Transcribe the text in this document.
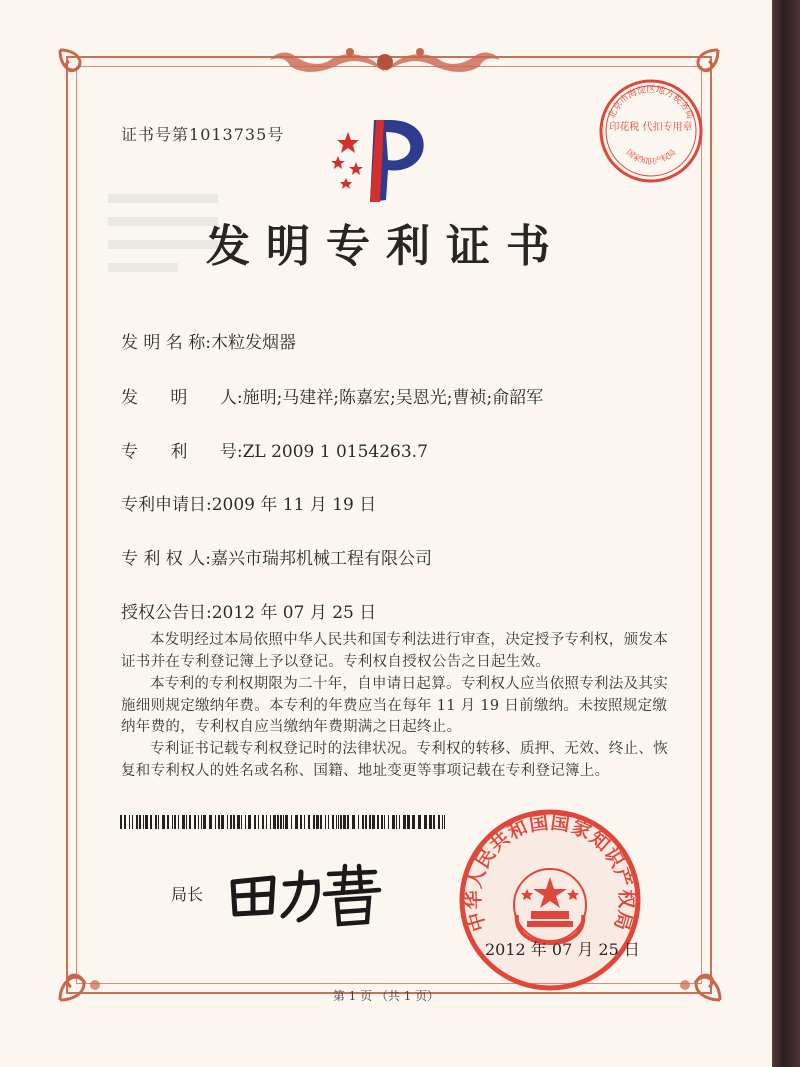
证书号第1013735号
北京市海淀区地方税务局
印花税 代扣专用章
国家知识产权局
发明专利证书
发 明 名 称:木粒发烟器
发      明      人:施明;马建祥;陈嘉宏;吴恩光;曹祯;俞韶军
专      利      号:ZL 2009 1 0154263.7
专利申请日:2009 年 11 月 19 日
专 利 权 人:嘉兴市瑞邦机械工程有限公司
授权公告日:2012 年 07 月 25 日
本发明经过本局依照中华人民共和国专利法进行审查，决定授予专利权，颁发本证书并在专利登记簿上予以登记。专利权自授权公告之日起生效。
本专利的专利权期限为二十年，自申请日起算。专利权人应当依照专利法及其实施细则规定缴纳年费。本专利的年费应当在每年 11 月 19 日前缴纳。未按照规定缴纳年费的，专利权自应当缴纳年费期满之日起终止。
专利证书记载专利权登记时的法律状况。专利权的转移、质押、无效、终止、恢复和专利权人的姓名或名称、国籍、地址变更等事项记载在专利登记簿上。
局长
中华人民共和国国家知识产权局
2012 年 07 月 25 日
第 1 页 （共 1 页）
